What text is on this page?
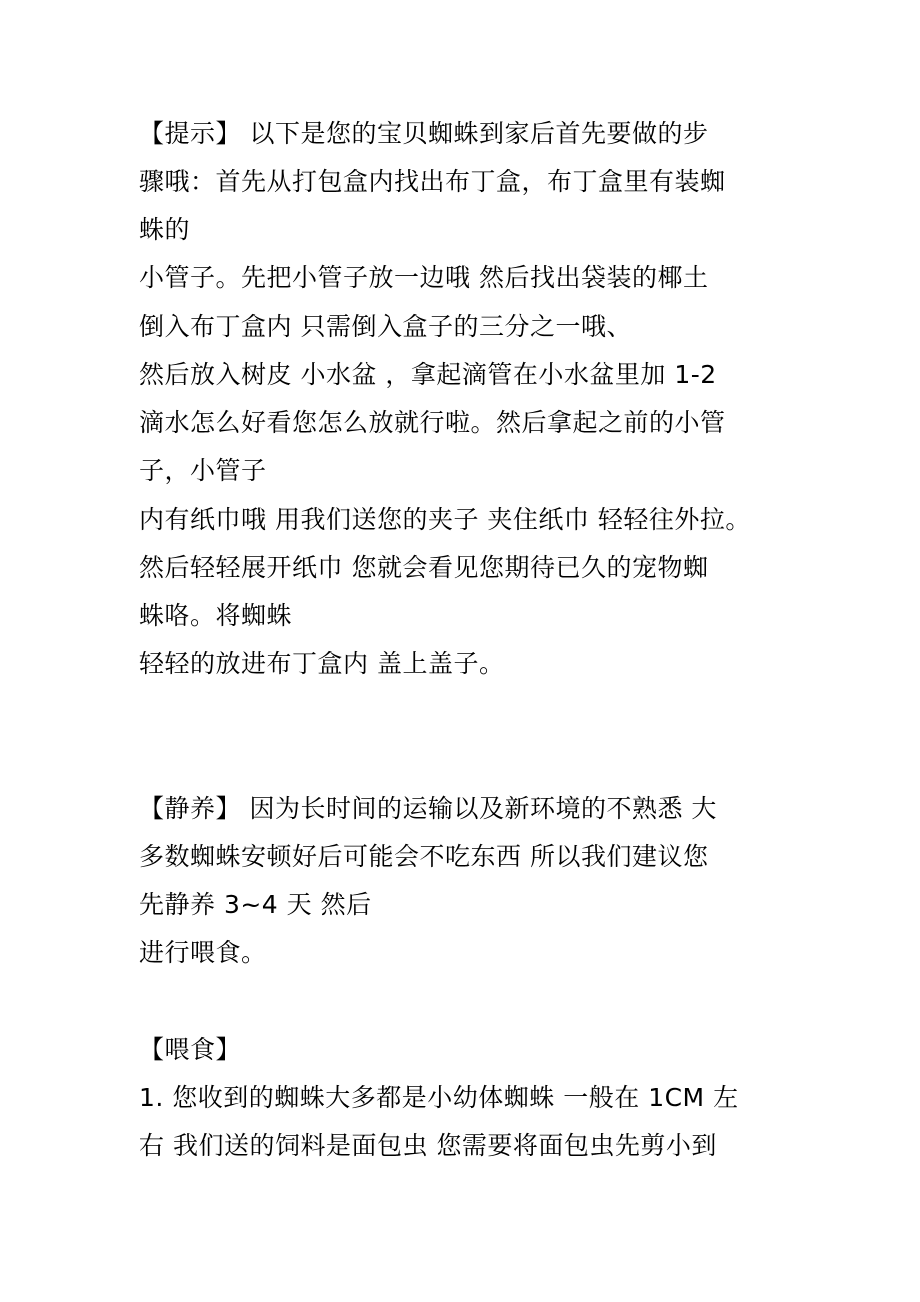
【提示】 以下是您的宝贝蜘蛛到家后首先要做的步
骤哦：首先从打包盒内找出布丁盒，布丁盒里有装蜘
蛛的
小管子。先把小管子放一边哦 然后找出袋装的椰土
倒入布丁盒内 只需倒入盒子的三分之一哦、
然后放入树皮 小水盆 ，拿起滴管在小水盆里加 1-2
滴水怎么好看您怎么放就行啦。然后拿起之前的小管
子，小管子
内有纸巾哦 用我们送您的夹子 夹住纸巾 轻轻往外拉。
然后轻轻展开纸巾 您就会看见您期待已久的宠物蜘
蛛咯。将蜘蛛
轻轻的放进布丁盒内 盖上盖子。
【静养】 因为长时间的运输以及新环境的不熟悉 大
多数蜘蛛安顿好后可能会不吃东西 所以我们建议您
先静养 3~4 天 然后
进行喂食。
【喂食】
1. 您收到的蜘蛛大多都是小幼体蜘蛛 一般在 1CM 左
右 我们送的饲料是面包虫 您需要将面包虫先剪小到
